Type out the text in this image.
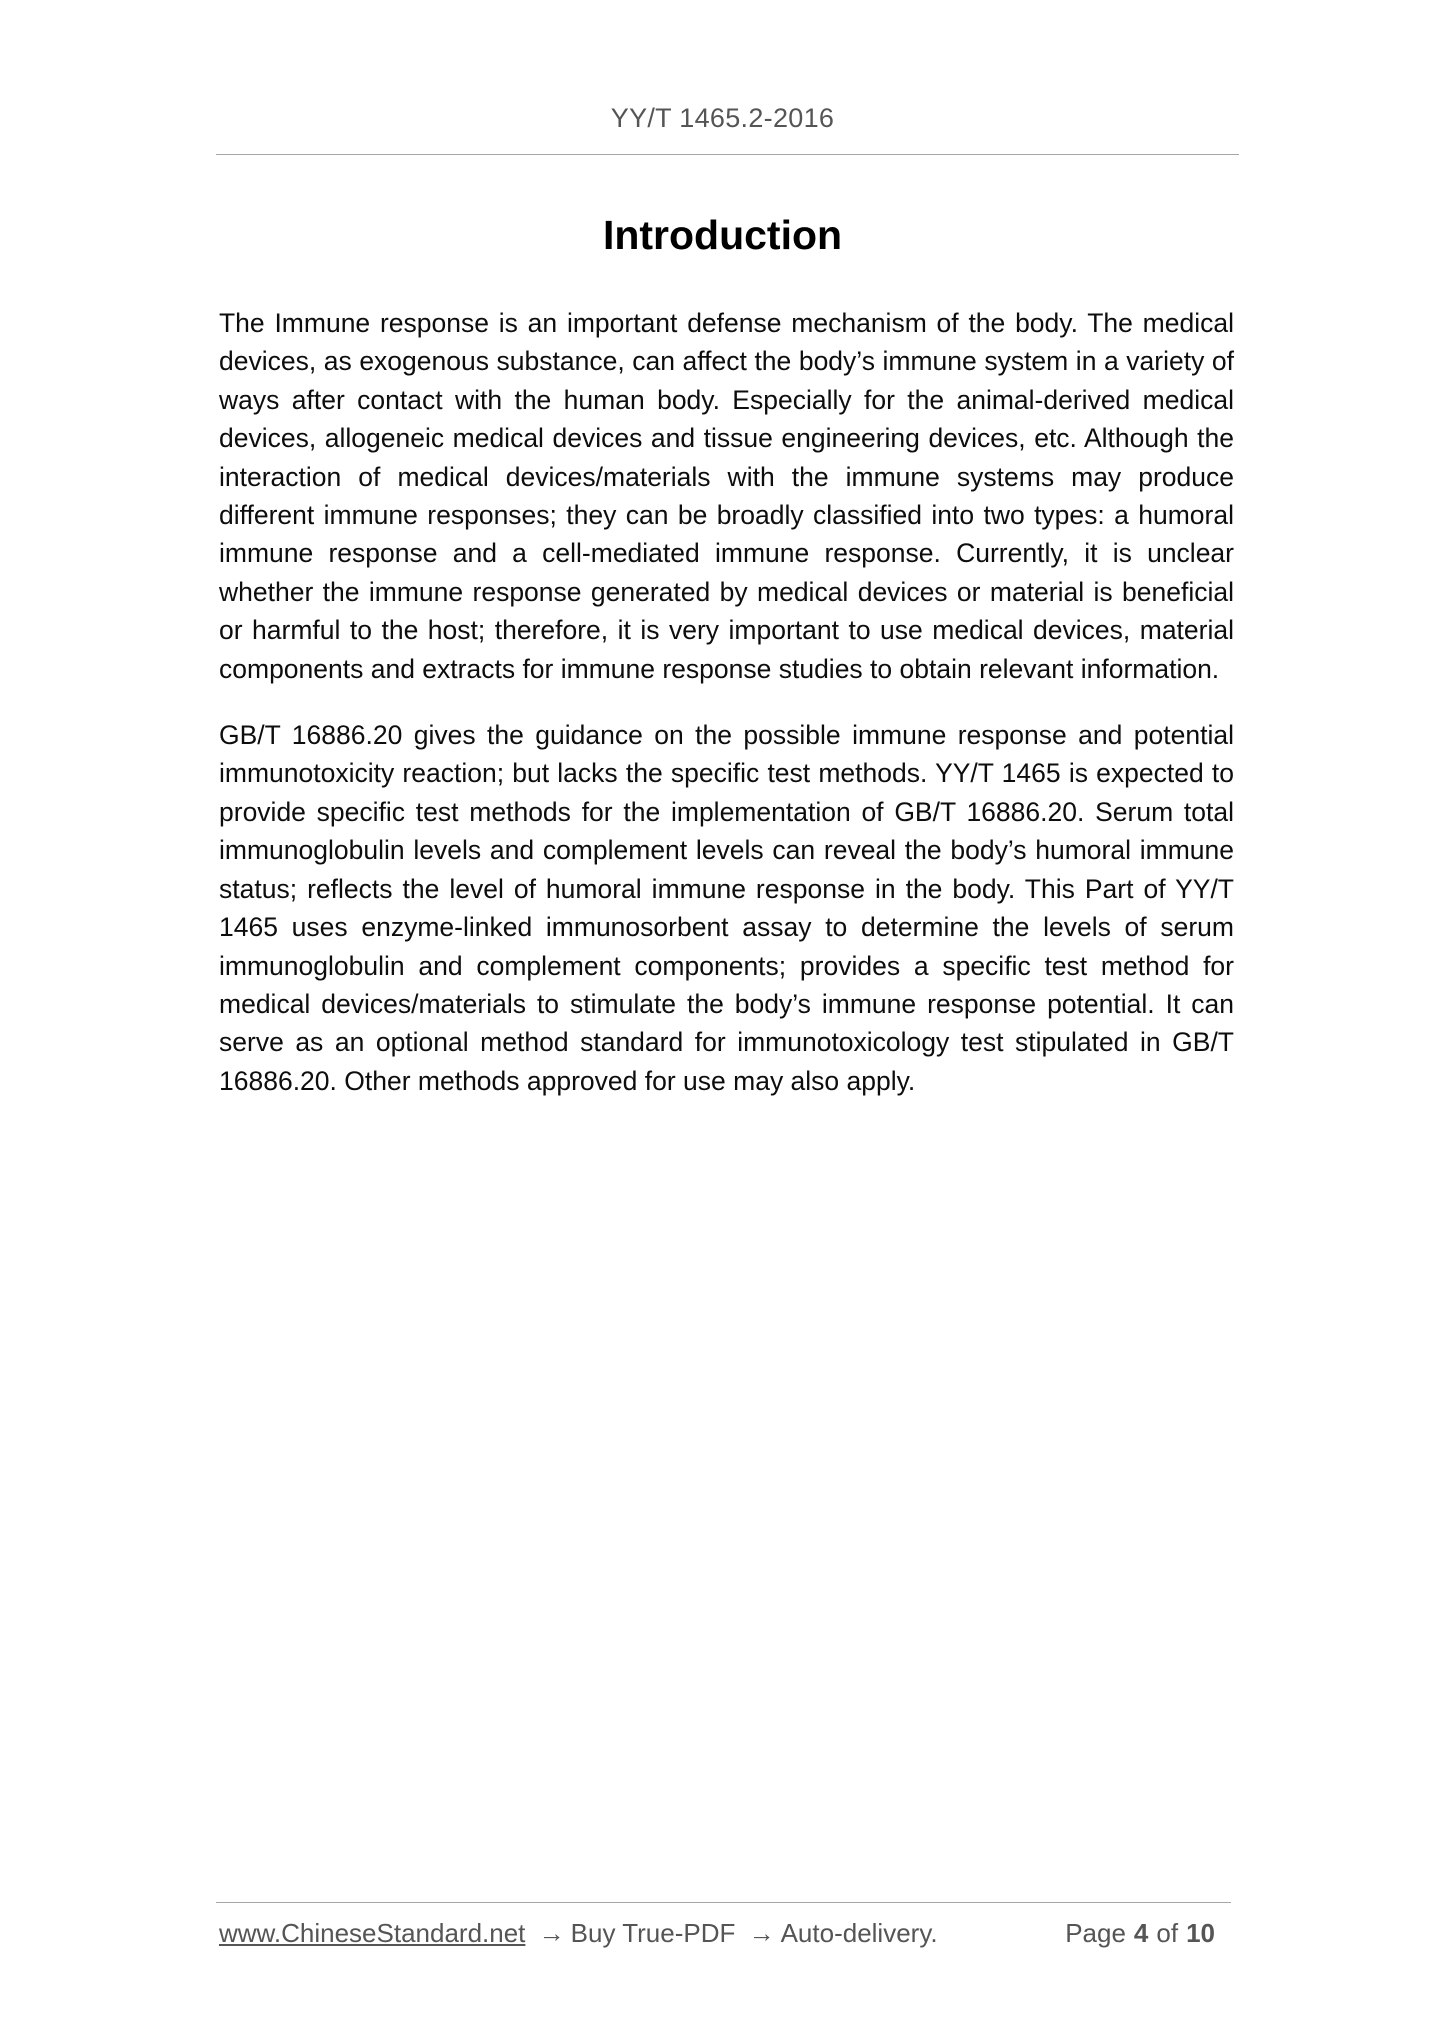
YY/T 1465.2-2016
Introduction

The Immune response is an important defense mechanism of the body. The medical devices, as exogenous substance, can affect the body’s immune system in a variety of ways after contact with the human body. Especially for the animal-derived medical devices, allogeneic medical devices and tissue engineering devices, etc. Although the interaction of medical devices/materials with the immune systems may produce different immune responses; they can be broadly classified into two types: a humoral immune response and a cell-mediated immune response. Currently, it is unclear whether the immune response generated by medical devices or material is beneficial or harmful to the host; therefore, it is very important to use medical devices, material components and extracts for immune response studies to obtain relevant information.

GB/T 16886.20 gives the guidance on the possible immune response and potential immunotoxicity reaction; but lacks the specific test methods. YY/T 1465 is expected to provide specific test methods for the implementation of GB/T 16886.20. Serum total immunoglobulin levels and complement levels can reveal the body’s humoral immune status; reflects the level of humoral immune response in the body. This Part of YY/T 1465 uses enzyme-linked immunosorbent assay to determine the levels of serum immunoglobulin and complement components; provides a specific test method for medical devices/materials to stimulate the body’s immune response potential. It can serve as an optional method standard for immunotoxicology test stipulated in GB/T 16886.20. Other methods approved for use may also apply.

www.ChineseStandard.net → Buy True-PDF → Auto-delivery.	Page 4 of 10
